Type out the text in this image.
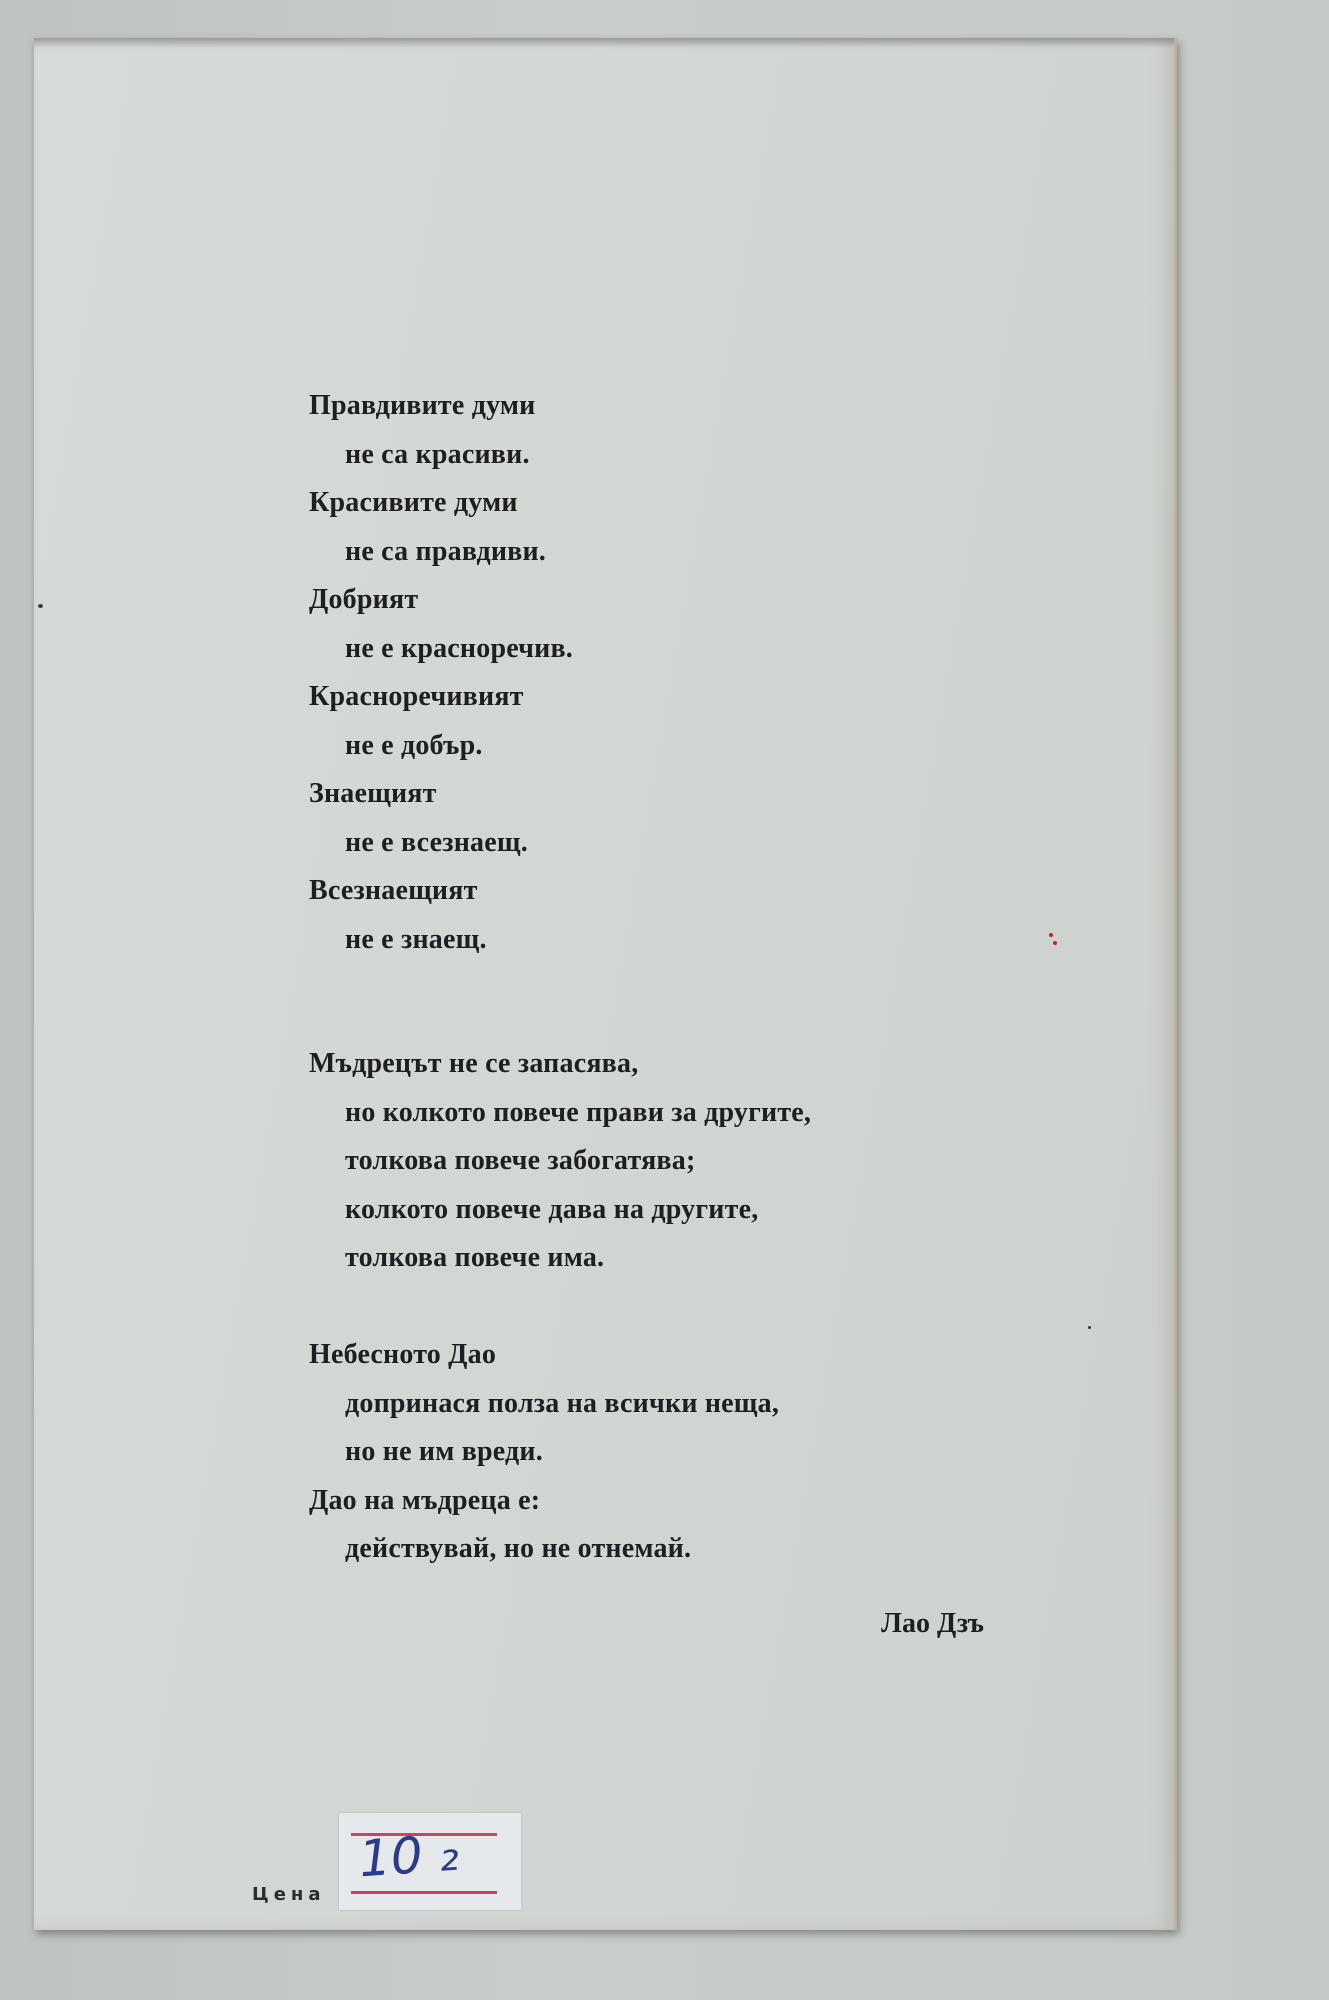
Правдивите думи
не са красиви.
Красивите думи
не са правдиви.
Добрият
не е красноречив.
Красноречивият
не е добър.
Знаещият
не е всезнаещ.
Всезнаещият
не е знаещ.
Мъдрецът не се запасява,
но колкото повече прави за другите,
толкова повече забогатява;
колкото повече дава на другите,
толкова повече има.
Небесното Дао
допринася полза на всички неща,
но не им вреди.
Дао на мъдреца е:
действувай, но не отнемай.
Лао Дзъ
Цена
10 ₂
